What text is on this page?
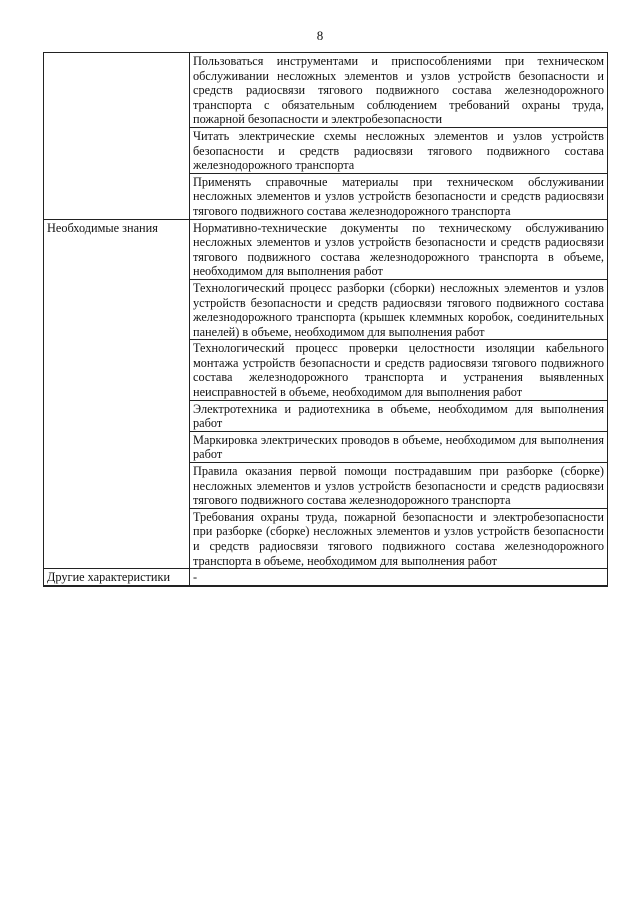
8
	Пользоваться инструментами и приспособлениями при техническом обслуживании несложных элементов и узлов устройств безопасности и средств радиосвязи тягового подвижного состава железнодорожного транспорта с обязательным соблюдением требований охраны труда, пожарной безопасности и электробезопасности
	Читать электрические схемы несложных элементов и узлов устройств безопасности и средств радиосвязи тягового подвижного состава железнодорожного транспорта
	Применять справочные материалы при техническом обслуживании несложных элементов и узлов устройств безопасности и средств радиосвязи тягового подвижного состава железнодорожного транспорта
Необходимые знания	Нормативно-технические документы по техническому обслуживанию несложных элементов и узлов устройств безопасности и средств радиосвязи тягового подвижного состава железнодорожного транспорта в объеме, необходимом для выполнения работ
	Технологический процесс разборки (сборки) несложных элементов и узлов устройств безопасности и средств радиосвязи тягового подвижного состава железнодорожного транспорта (крышек клеммных коробок, соединительных панелей) в объеме, необходимом для выполнения работ
	Технологический процесс проверки целостности изоляции кабельного монтажа устройств безопасности и средств радиосвязи тягового подвижного состава железнодорожного транспорта и устранения выявленных неисправностей в объеме, необходимом для выполнения работ
	Электротехника и радиотехника в объеме, необходимом для выполнения работ
	Маркировка электрических проводов в объеме, необходимом для выполнения работ
	Правила оказания первой помощи пострадавшим при разборке (сборке) несложных элементов и узлов устройств безопасности и средств радиосвязи тягового подвижного состава железнодорожного транспорта
	Требования охраны труда, пожарной безопасности и электробезопасности при разборке (сборке) несложных элементов и узлов устройств безопасности и средств радиосвязи тягового подвижного состава железнодорожного транспорта в объеме, необходимом для выполнения работ
Другие характеристики	-
